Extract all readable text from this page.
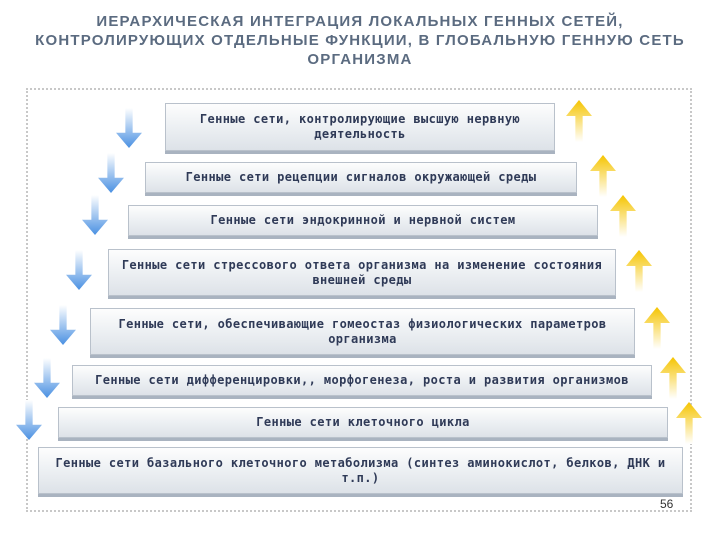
ИЕРАРХИЧЕСКАЯ ИНТЕГРАЦИЯ ЛОКАЛЬНЫХ ГЕННЫХ СЕТЕЙ, КОНТРОЛИРУЮЩИХ ОТДЕЛЬНЫЕ ФУНКЦИИ, В ГЛОБАЛЬНУЮ ГЕННУЮ СЕТЬ ОРГАНИЗМА
Генные сети, контролирующие высшую нервную деятельность
Генные сети рецепции сигналов окружающей среды
Генные сети эндокринной и нервной систем
Генные сети стрессового ответа организма на изменение состояния внешней среды
Генные сети, обеспечивающие гомеостаз физиологических параметров организма
Генные сети дифференцировки,, морфогенеза, роста и развития организмов
Генные сети клеточного цикла
Генные сети базального клеточного метаболизма (синтез аминокислот, белков, ДНК и т.п.)
56
